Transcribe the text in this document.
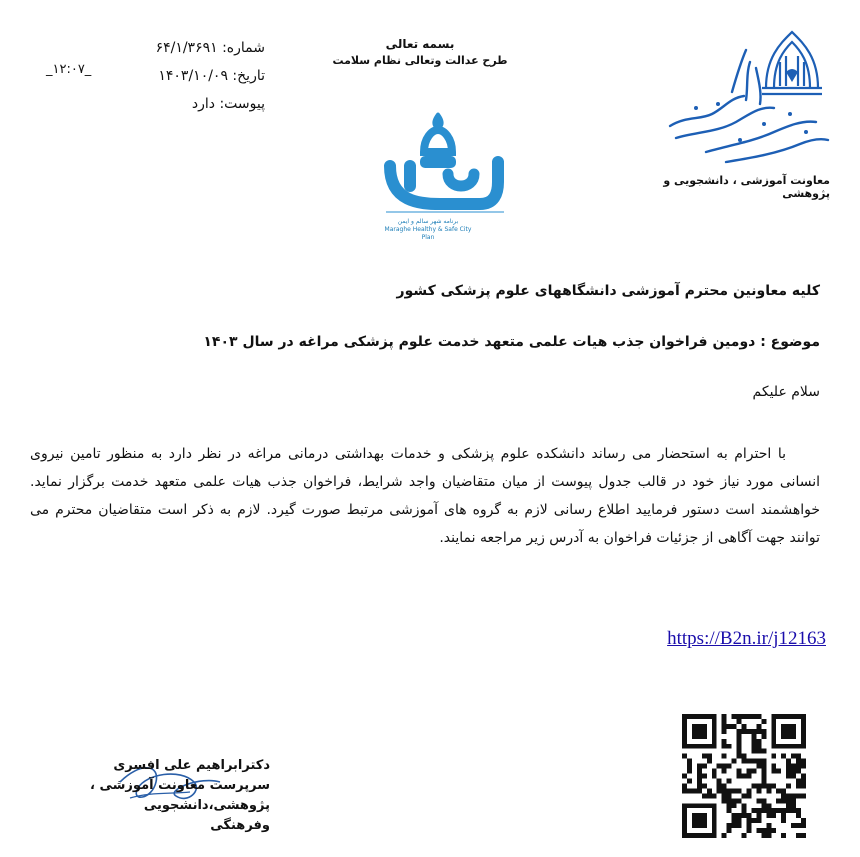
شماره: ۶۴/۱/۳۶۹۱
تاریخ: ۱۴۰۳/۱۰/۰۹
پیوست: دارد
_۱۲:۰۷_
بسمه تعالی
طرح عدالت وتعالی نظام سلامت
برنامه شهر سالم و ایمن
Maraghe Healthy & Safe City Plan
معاونت آموزشی ، دانشجویی و پژوهشی
کلیه معاونین محترم آموزشی دانشگاههای علوم پزشکی کشور
موضوع : دومین فراخوان جذب هیات علمی متعهد خدمت علوم پزشکی مراغه در سال ۱۴۰۳
سلام علیکم
با احترام به استحضار می رساند دانشکده علوم پزشکی و خدمات بهداشتی درمانی مراغه در نظر دارد به منظور تامین نیروی انسانی مورد نیاز خود در قالب جدول پیوست از میان متقاضیان واجد شرایط، فراخوان جذب هیات علمی متعهد خدمت برگزار نماید. خواهشمند است دستور فرمایید اطلاع رسانی لازم به گروه های آموزشی مرتبط صورت گیرد. لازم به ذکر است متقاضیان محترم می توانند جهت آگاهی از جزئیات فراخوان به آدرس زیر مراجعه نمایند.
https://B2n.ir/j12163
دکترابراهیم علی افسری
سرپرست معاونت آموزشی ،
پژوهشی،دانشجویی وفرهنگی
